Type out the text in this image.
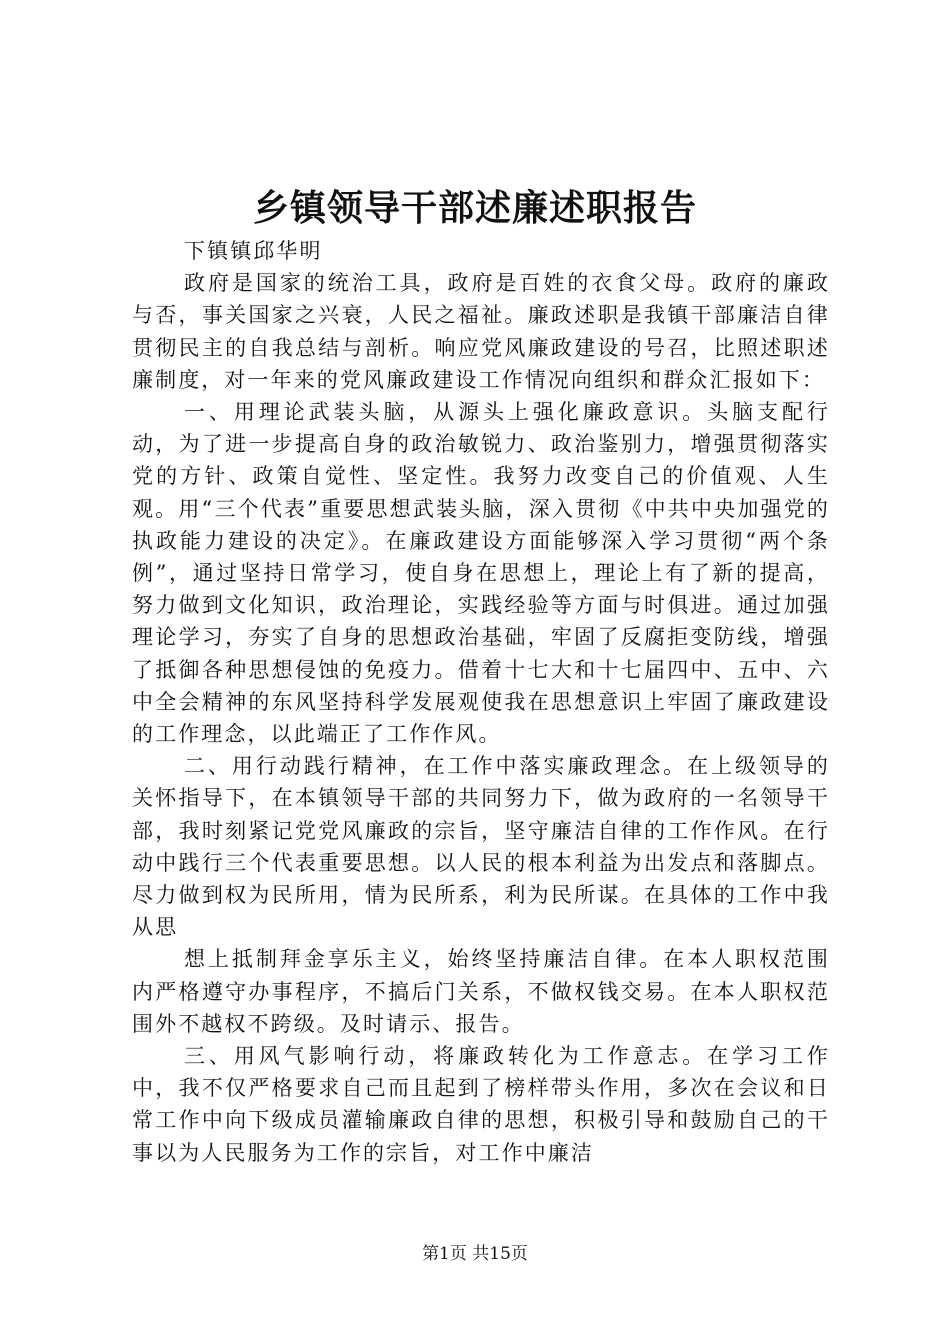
乡镇领导干部述廉述职报告

下镇镇邱华明

政府是国家的统治工具，政府是百姓的衣食父母。政府的廉政与否，事关国家之兴衰，人民之福祉。廉政述职是我镇干部廉洁自律贯彻民主的自我总结与剖析。响应党风廉政建设的号召，比照述职述廉制度，对一年来的党风廉政建设工作情况向组织和群众汇报如下：

一、用理论武装头脑，从源头上强化廉政意识。头脑支配行动，为了进一步提高自身的政治敏锐力、政治鉴别力，增强贯彻落实党的方针、政策自觉性、坚定性。我努力改变自己的价值观、人生观。用“三个代表”重要思想武装头脑，深入贯彻《中共中央加强党的执政能力建设的决定》。在廉政建设方面能够深入学习贯彻“两个条例”，通过坚持日常学习，使自身在思想上，理论上有了新的提高，努力做到文化知识，政治理论，实践经验等方面与时俱进。通过加强理论学习，夯实了自身的思想政治基础，牢固了反腐拒变防线，增强了抵御各种思想侵蚀的免疫力。借着十七大和十七届四中、五中、六中全会精神的东风坚持科学发展观使我在思想意识上牢固了廉政建设的工作理念，以此端正了工作作风。

二、用行动践行精神，在工作中落实廉政理念。在上级领导的关怀指导下，在本镇领导干部的共同努力下，做为政府的一名领导干部，我时刻紧记党党风廉政的宗旨，坚守廉洁自律的工作作风。在行动中践行三个代表重要思想。以人民的根本利益为出发点和落脚点。尽力做到权为民所用，情为民所系，利为民所谋。在具体的工作中我从思

想上抵制拜金享乐主义，始终坚持廉洁自律。在本人职权范围内严格遵守办事程序，不搞后门关系，不做权钱交易。在本人职权范围外不越权不跨级。及时请示、报告。

三、用风气影响行动，将廉政转化为工作意志。在学习工作中，我不仅严格要求自己而且起到了榜样带头作用，多次在会议和日常工作中向下级成员灌输廉政自律的思想，积极引导和鼓励自己的干事以为人民服务为工作的宗旨，对工作中廉洁

第1页 共15页
